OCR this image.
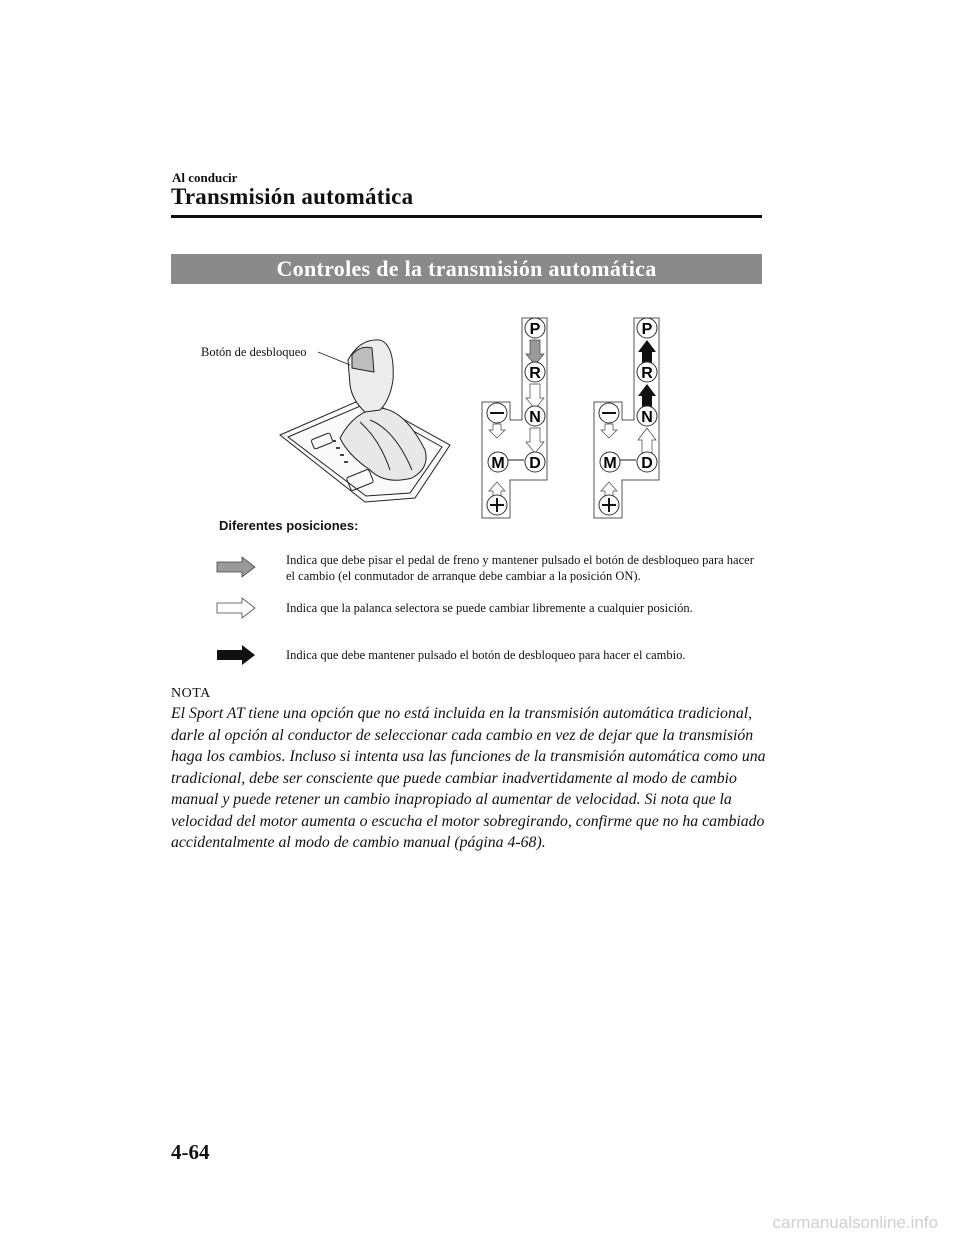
Al conducir
Transmisión automática
Controles de la transmisión automática
P
R
N
D
M
P
R
N
D
M
Botón de desbloqueo
Diferentes posiciones:
Indica que debe pisar el pedal de freno y mantener pulsado el botón de desbloqueo para hacer el cambio (el conmutador de arranque debe cambiar a la posición ON).
Indica que la palanca selectora se puede cambiar libremente a cualquier posición.
Indica que debe mantener pulsado el botón de desbloqueo para hacer el cambio.
NOTA
El Sport AT tiene una opción que no está incluida en la transmisión automática tradicional, darle al opción al conductor de seleccionar cada cambio en vez de dejar que la transmisión haga los cambios. Incluso si intenta usa las funciones de la transmisión automática como una tradicional, debe ser consciente que puede cambiar inadvertidamente al modo de cambio manual y puede retener un cambio inapropiado al aumentar de velocidad. Si nota que la velocidad del motor aumenta o escucha el motor sobregirando, confirme que no ha cambiado accidentalmente al modo de cambio manual (página 4-68).
4-64
carmanualsonline.info
